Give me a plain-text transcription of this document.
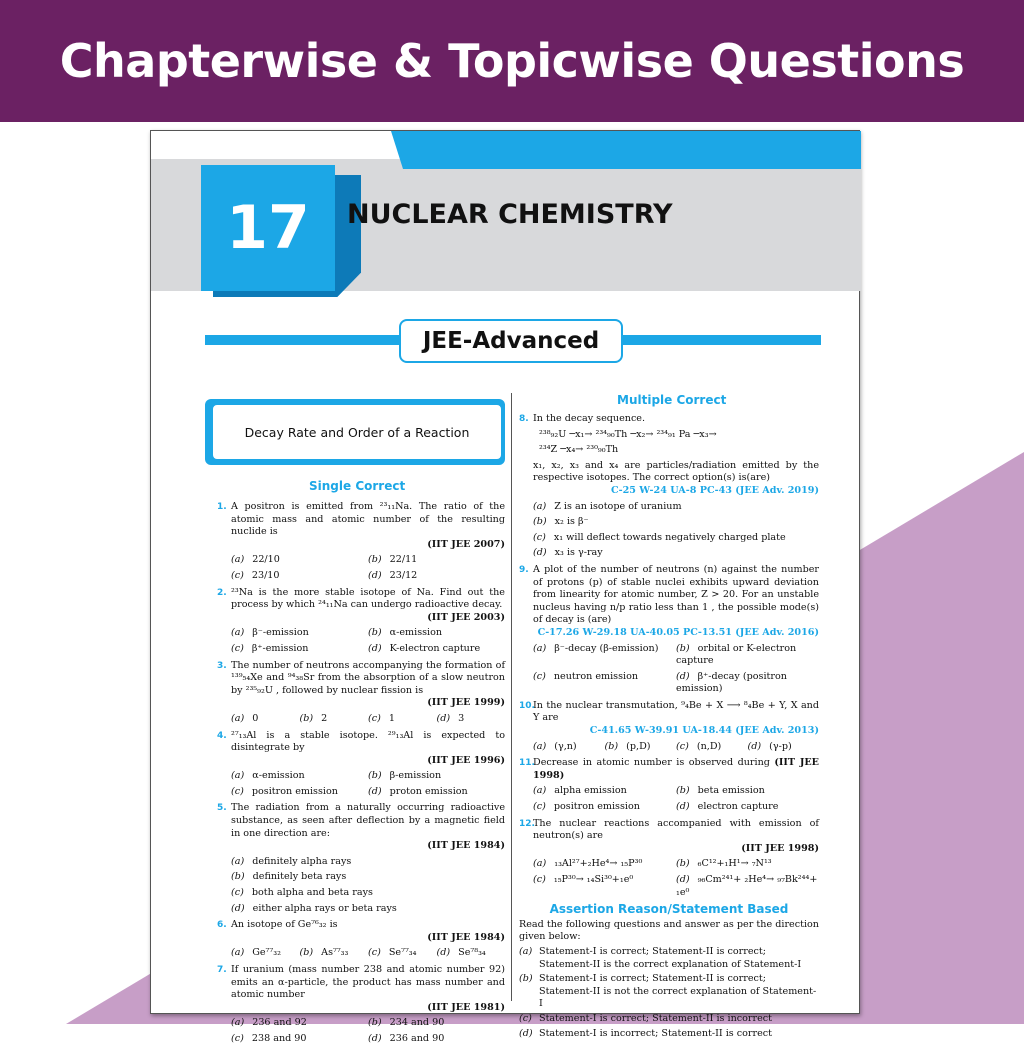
Chapterwise & Topicwise Questions
17	NUCLEAR CHEMISTRY
JEE-Advanced
Decay Rate and Order of a Reaction
Single Correct
Multiple Correct
1. A positron is emitted from ²³₁₁Na. The ratio of the atomic mass and atomic number of the resulting nuclide is
(IIT JEE 2007)
(a) 22/10	(b) 22/11
(c) 23/10	(d) 23/12
2. ²³Na is the more stable isotope of Na. Find out the process by which ²⁴₁₁Na can undergo radioactive decay.
(IIT JEE 2003)
(a) β⁻-emission	(b) α-emission
(c) β⁺-emission	(d) K-electron capture
3. The number of neutrons accompanying the formation of ¹³⁹₅₄Xe and ⁹⁴₃₈Sr from the absorption of a slow neutron by ²³⁵₉₂U , followed by nuclear fission is
(IIT JEE 1999)
(a) 0	(b) 2	(c) 1	(d) 3
4. ²⁷₁₃Al is a stable isotope. ²⁹₁₃Al is expected to disintegrate by
(IIT JEE 1996)
(a) α-emission	(b) β-emission
(c) positron emission	(d) proton emission
5. The radiation from a naturally occurring radioactive substance, as seen after deflection by a magnetic field in one direction are:
(IIT JEE 1984)
(a) definitely alpha rays
(b) definitely beta rays
(c) both alpha and beta rays
(d) either alpha rays or beta rays
6. An isotope of Ge⁷⁶₃₂ is
(IIT JEE 1984)
(a) Ge⁷⁷₃₂	(b) As⁷⁷₃₃	(c) Se⁷⁷₃₄	(d) Se⁷⁸₃₄
7. If uranium (mass number 238 and atomic number 92) emits an α-particle, the product has mass number and atomic number
(IIT JEE 1981)
(a) 236 and 92	(b) 234 and 90
(c) 238 and 90	(d) 236 and 90
8. In the decay sequence.
²³⁸₉₂U ─x₁→ ²³⁴₉₀Th ─x₂→ ²³⁴₉₁ Pa ─x₃→
²³⁴Z ─x₄→ ²³⁰₉₀Th
x₁, x₂, x₃ and x₄ are particles/radiation emitted by the respective isotopes. The correct option(s) is(are)
C-25 W-24 UA-8 PC-43 (JEE Adv. 2019)
(a) Z is an isotope of uranium
(b) x₂ is β⁻
(c) x₁ will deflect towards negatively charged plate
(d) x₃ is γ-ray
9. A plot of the number of neutrons (n) against the number of protons (p) of stable nuclei exhibits upward deviation from linearity for atomic number, Z > 20. For an unstable nucleus having n/p ratio less than 1 , the possible mode(s) of decay is (are)
C-17.26 W-29.18 UA-40.05 PC-13.51 (JEE Adv. 2016)
(a) β⁻-decay (β-emission)	(b) orbital or K-electron capture
(c) neutron emission	(d) β⁺-decay (positron emission)
10.
In the nuclear transmutation, ⁹₄Be + X ⟶ ⁸₄Be + Y, X and Y are
C-41.65 W-39.91 UA-18.44 (JEE Adv. 2013)
(a) (γ,n)	(b) (p,D)	(c) (n,D)	(d) (γ-p)
11.
Decrease in atomic number is observed during (IIT JEE 1998)
(a) alpha emission	(b) beta emission
(c) positron emission	(d) electron capture
12.
The nuclear reactions accompanied with emission of neutron(s) are
(IIT JEE 1998)
(a) ₁₃Al²⁷+₂He⁴→ ₁₅P³⁰	(b) ₆C¹²+₁H¹→ ₇N¹³
(c) ₁₅P³⁰→ ₁₄Si³⁰+₁e⁰	(d) ₉₆Cm²⁴¹+ ₂He⁴→ ₉₇Bk²⁴⁴+ ₁e⁰
Assertion Reason/Statement Based
Read the following questions and answer as per the direction given below:
(a) Statement-I is correct; Statement-II is correct; Statement-II is the correct explanation of Statement-I
(b) Statement-I is correct; Statement-II is correct; Statement-II is not the correct explanation of Statement-I
(c) Statement-I is correct; Statement-II is incorrect
(d) Statement-I is incorrect; Statement-II is correct
